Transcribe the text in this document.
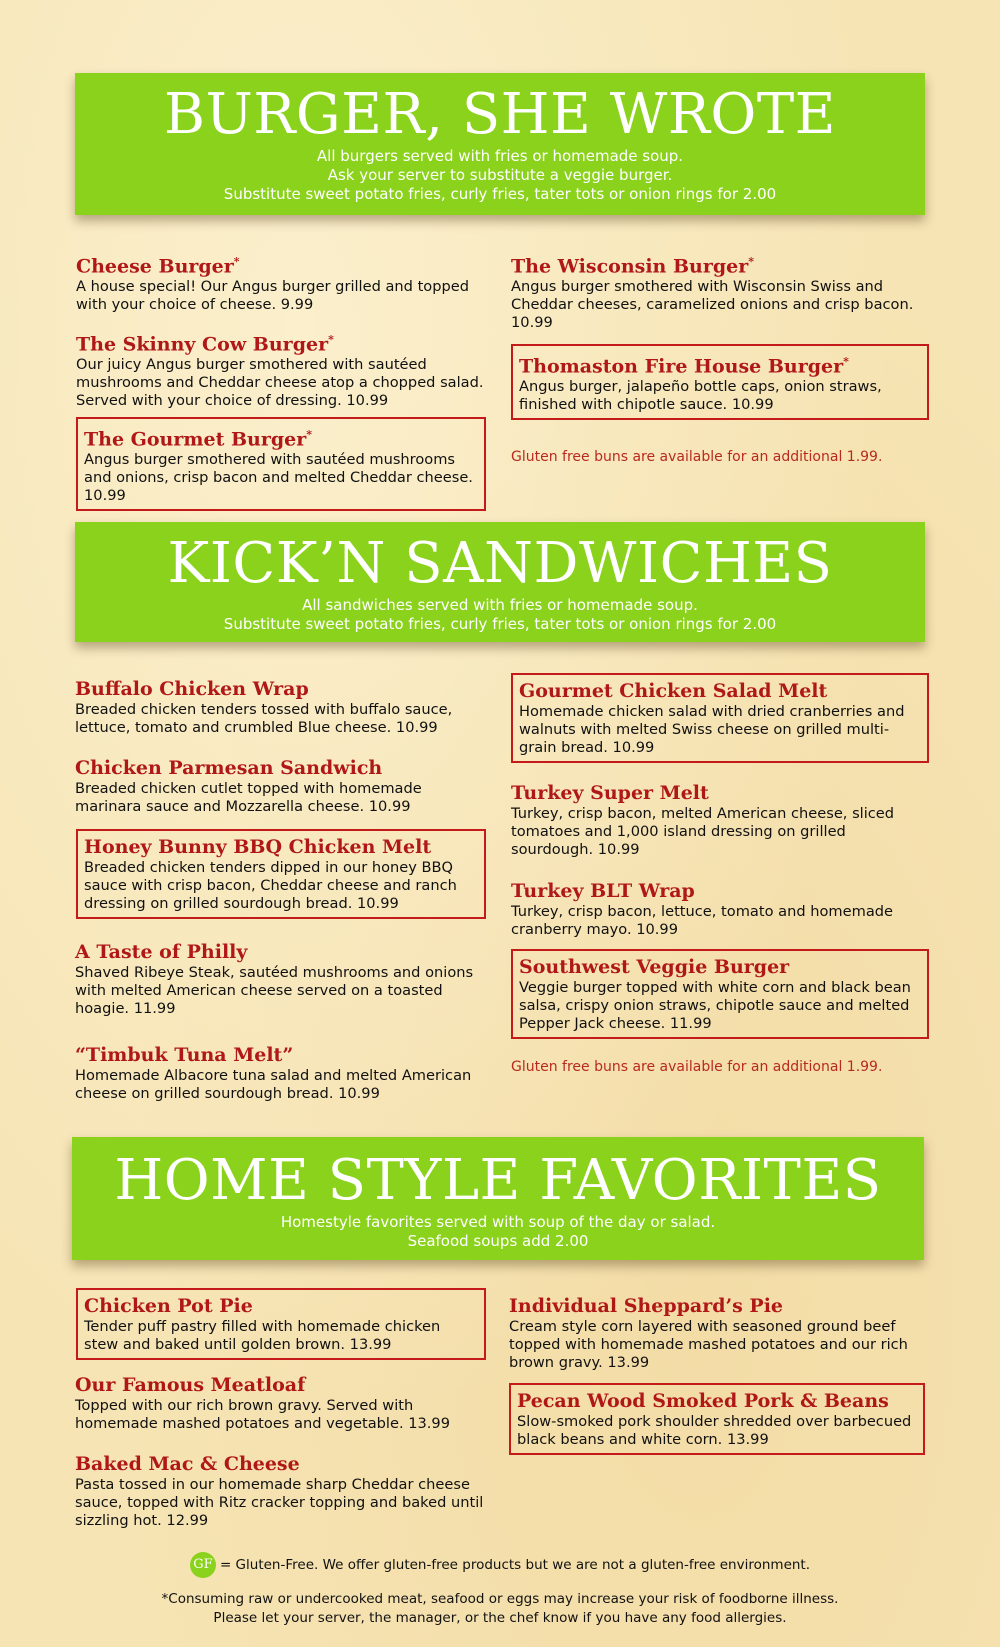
BURGER, SHE WROTE
All burgers served with fries or homemade soup.
Ask your server to substitute a veggie burger.
Substitute sweet potato fries, curly fries, tater tots or onion rings for 2.00
Cheese Burger*

A house special! Our Angus burger grilled and topped with your choice of cheese. 9.99

The Skinny Cow Burger*

Our juicy Angus burger smothered with sautéed mushrooms and Cheddar cheese atop a chopped salad. Served with your choice of dressing. 10.99

The Gourmet Burger*

Angus burger smothered with sautéed mushrooms and onions, crisp bacon and melted Cheddar cheese. 10.99

The Wisconsin Burger*

Angus burger smothered with Wisconsin Swiss and Cheddar cheeses, caramelized onions and crisp bacon. 10.99

Thomaston Fire House Burger*

Angus burger, jalapeño bottle caps, onion straws, finished with chipotle sauce. 10.99

Gluten free buns are available for an additional 1.99.
KICK’N SANDWICHES
All sandwiches served with fries or homemade soup.
Substitute sweet potato fries, curly fries, tater tots or onion rings for 2.00
Buffalo Chicken Wrap

Breaded chicken tenders tossed with buffalo sauce, lettuce, tomato and crumbled Blue cheese. 10.99

Chicken Parmesan Sandwich

Breaded chicken cutlet topped with homemade marinara sauce and Mozzarella cheese. 10.99

Honey Bunny BBQ Chicken Melt

Breaded chicken tenders dipped in our honey BBQ sauce with crisp bacon, Cheddar cheese and ranch dressing on grilled sourdough bread. 10.99

A Taste of Philly

Shaved Ribeye Steak, sautéed mushrooms and onions with melted American cheese served on a toasted hoagie. 11.99

“Timbuk Tuna Melt”

Homemade Albacore tuna salad and melted American cheese on grilled sourdough bread. 10.99

Gourmet Chicken Salad Melt

Homemade chicken salad with dried cranberries and walnuts with melted Swiss cheese on grilled multi-grain bread. 10.99

Turkey Super Melt

Turkey, crisp bacon, melted American cheese, sliced tomatoes and 1,000 island dressing on grilled sourdough. 10.99

Turkey BLT Wrap

Turkey, crisp bacon, lettuce, tomato and homemade cranberry mayo. 10.99

Southwest Veggie Burger

Veggie burger topped with white corn and black bean salsa, crispy onion straws, chipotle sauce and melted Pepper Jack cheese. 11.99

Gluten free buns are available for an additional 1.99.
HOME STYLE FAVORITES
Homestyle favorites served with soup of the day or salad.
Seafood soups add 2.00
Chicken Pot Pie

Tender puff pastry filled with homemade chicken stew and baked until golden brown. 13.99

Our Famous Meatloaf

Topped with our rich brown gravy. Served with homemade mashed potatoes and vegetable. 13.99

Baked Mac & Cheese

Pasta tossed in our homemade sharp Cheddar cheese sauce, topped with Ritz cracker topping and baked until sizzling hot. 12.99

Individual Sheppard’s Pie

Cream style corn layered with seasoned ground beef topped with homemade mashed potatoes and our rich brown gravy. 13.99

Pecan Wood Smoked Pork & Beans

Slow-smoked pork shoulder shredded over barbecued black beans and white corn. 13.99

GF = Gluten-Free. We offer gluten-free products but we are not a gluten-free environment.
*Consuming raw or undercooked meat, seafood or eggs may increase your risk of foodborne illness.
Please let your server, the manager, or the chef know if you have any food allergies.
